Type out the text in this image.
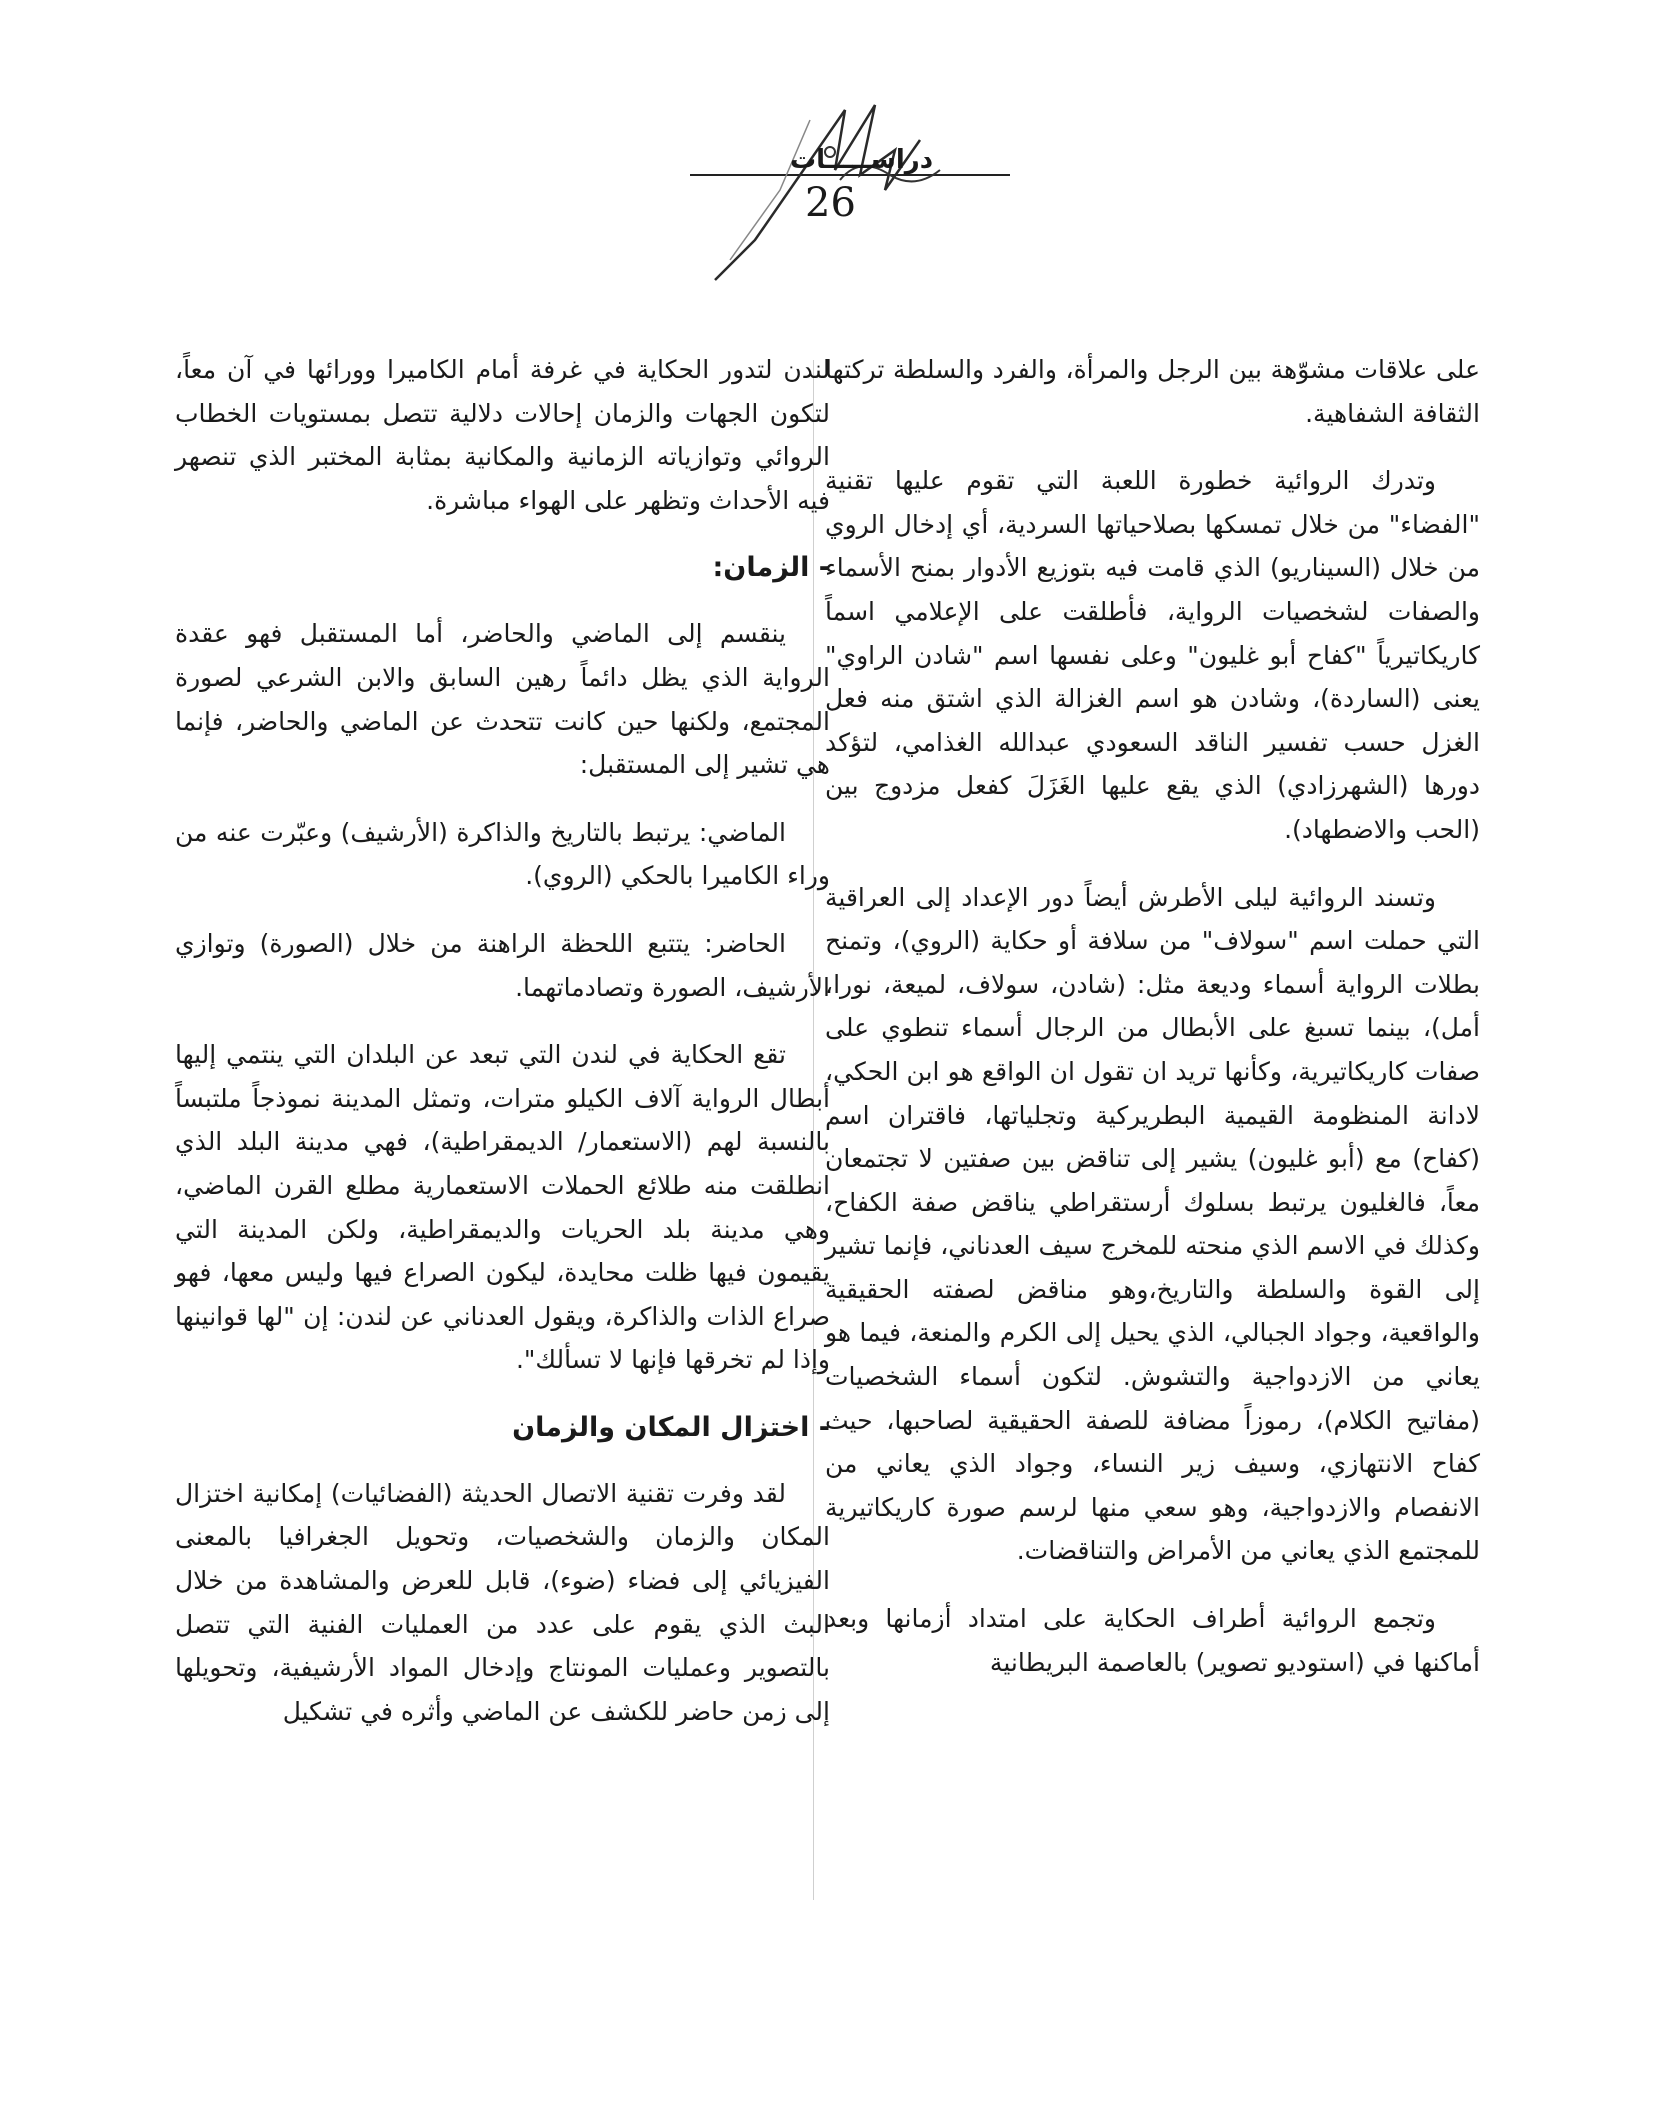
دراســـــات
26

على علاقات مشوّهة بين الرجل والمرأة، والفرد والسلطة تركتها الثقافة الشفاهية.

وتدرك الروائية خطورة اللعبة التي تقوم عليها تقنية "الفضاء" من خلال تمسكها بصلاحياتها السردية، أي إدخال الروي من خلال (السيناريو) الذي قامت فيه بتوزيع الأدوار بمنح الأسماء والصفات لشخصيات الرواية، فأطلقت على الإعلامي اسماً كاريكاتيرياً "كفاح أبو غليون" وعلى نفسها اسم "شادن الراوي" يعنى (الساردة)، وشادن هو اسم الغزالة الذي اشتق منه فعل الغزل حسب تفسير الناقد السعودي عبدالله الغذامي، لتؤكد دورها (الشهرزادي) الذي يقع عليها الغَزَلَ كفعل مزدوج بين (الحب والاضطهاد).

وتسند الروائية ليلى الأطرش أيضاً دور الإعداد إلى العراقية التي حملت اسم "سولاف" من سلافة أو حكاية (الروي)، وتمنح بطلات الرواية أسماء وديعة مثل: (شادن، سولاف، لميعة، نورا، أمل)، بينما تسبغ على الأبطال من الرجال أسماء تنطوي على صفات كاريكاتيرية، وكأنها تريد ان تقول ان الواقع هو ابن الحكي، لادانة المنظومة القيمية البطريركية وتجلياتها، فاقتران اسم (كفاح) مع (أبو غليون) يشير إلى تناقض بين صفتين لا تجتمعان معاً، فالغليون يرتبط بسلوك أرستقراطي يناقض صفة الكفاح، وكذلك في الاسم الذي منحته للمخرج سيف العدناني، فإنما تشير إلى القوة والسلطة والتاريخ،وهو مناقض لصفته الحقيقية والواقعية، وجواد الجبالي، الذي يحيل إلى الكرم والمنعة، فيما هو يعاني من الازدواجية والتشوش. لتكون أسماء الشخصيات (مفاتيح الكلام)، رموزاً مضافة للصفة الحقيقية لصاحبها، حيث كفاح الانتهازي، وسيف زير النساء، وجواد الذي يعاني من الانفصام والازدواجية، وهو سعي منها لرسم صورة كاريكاتيرية للمجتمع الذي يعاني من الأمراض والتناقضات.

وتجمع الروائية أطراف الحكاية على امتداد أزمانها وبعد أماكنها في (استوديو تصوير) بالعاصمة البريطانية

لندن لتدور الحكاية في غرفة أمام الكاميرا وورائها في آن معاً، لتكون الجهات والزمان إحالات دلالية تتصل بمستويات الخطاب الروائي وتوازياته الزمانية والمكانية بمثابة المختبر الذي تنصهر فيه الأحداث وتظهر على الهواء مباشرة.

- الزمان:

ينقسم إلى الماضي والحاضر، أما المستقبل فهو عقدة الرواية الذي يظل دائماً رهين السابق والابن الشرعي لصورة المجتمع، ولكنها حين كانت تتحدث عن الماضي والحاضر، فإنما هي تشير إلى المستقبل:

الماضي: يرتبط بالتاريخ والذاكرة (الأرشيف) وعبّرت عنه من وراء الكاميرا بالحكي (الروي).

الحاضر: يتتبع اللحظة الراهنة من خلال (الصورة) وتوازي الأرشيف، الصورة وتصادماتهما.

تقع الحكاية في لندن التي تبعد عن البلدان التي ينتمي إليها أبطال الرواية آلاف الكيلو مترات، وتمثل المدينة نموذجاً ملتبساً بالنسبة لهم (الاستعمار/ الديمقراطية)، فهي مدينة البلد الذي انطلقت منه طلائع الحملات الاستعمارية مطلع القرن الماضي، وهي مدينة بلد الحريات والديمقراطية، ولكن المدينة التي يقيمون فيها ظلت محايدة، ليكون الصراع فيها وليس معها، فهو صراع الذات والذاكرة، ويقول العدناني عن لندن: إن "لها قوانينها وإذا لم تخرقها فإنها لا تسألك".

- اختزال المكان والزمان

لقد وفرت تقنية الاتصال الحديثة (الفضائيات) إمكانية اختزال المكان والزمان والشخصيات، وتحويل الجغرافيا بالمعنى الفيزيائي إلى فضاء (ضوء)، قابل للعرض والمشاهدة من خلال البث الذي يقوم على عدد من العمليات الفنية التي تتصل بالتصوير وعمليات المونتاج وإدخال المواد الأرشيفية، وتحويلها إلى زمن حاضر للكشف عن الماضي وأثره في تشكيل
